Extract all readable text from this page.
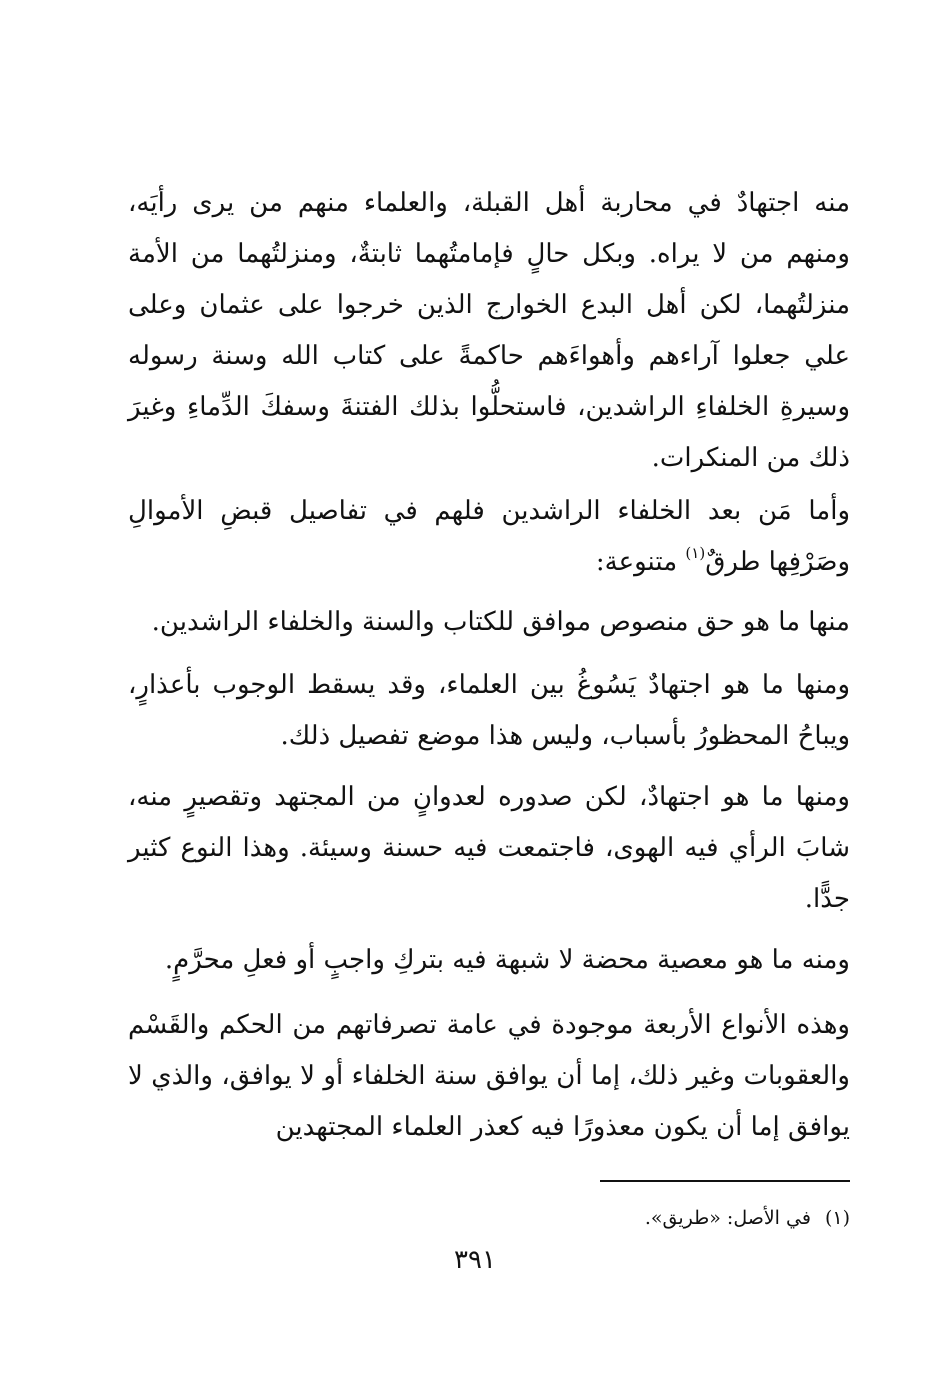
منه اجتهادٌ في محاربة أهل القبلة، والعلماء منهم من يرى رأيَه، ومنهم من لا يراه. وبكل حالٍ فإمامتُهما ثابتةٌ، ومنزلتُهما من الأمة منزلتُهما، لكن أهل البدع الخوارج الذين خرجوا على عثمان وعلى علي جعلوا آراءهم وأهواءَهم حاكمةً على كتاب الله وسنة رسوله وسيرةِ الخلفاءِ الراشدين، فاستحلُّوا بذلك الفتنةَ وسفكَ الدِّماءِ وغيرَ ذلك من المنكرات.

وأما مَن بعد الخلفاء الراشدين فلهم في تفاصيل قبضِ الأموالِ وصَرْفِها طرقٌ$^{(١)}$ متنوعة:

منها ما هو حق منصوص موافق للكتاب والسنة والخلفاء الراشدين.

ومنها ما هو اجتهادٌ يَسُوغُ بين العلماء، وقد يسقط الوجوب بأعذارٍ، ويباحُ المحظورُ بأسباب، وليس هذا موضع تفصيل ذلك.

ومنها ما هو اجتهادٌ، لكن صدوره لعدوانٍ من المجتهد وتقصيرٍ منه، شابَ الرأي فيه الهوى، فاجتمعت فيه حسنة وسيئة. وهذا النوع كثير جدًّا.

ومنه ما هو معصية محضة لا شبهة فيه بتركِ واجبٍ أو فعلِ محرَّمٍ.

وهذه الأنواع الأربعة موجودة في عامة تصرفاتهم من الحكم والقَسْم والعقوبات وغير ذلك، إما أن يوافق سنة الخلفاء أو لا يوافق، والذي لا يوافق إما أن يكون معذورًا فيه كعذر العلماء المجتهدين

(١)في الأصل: «طريق».
٣٩١
